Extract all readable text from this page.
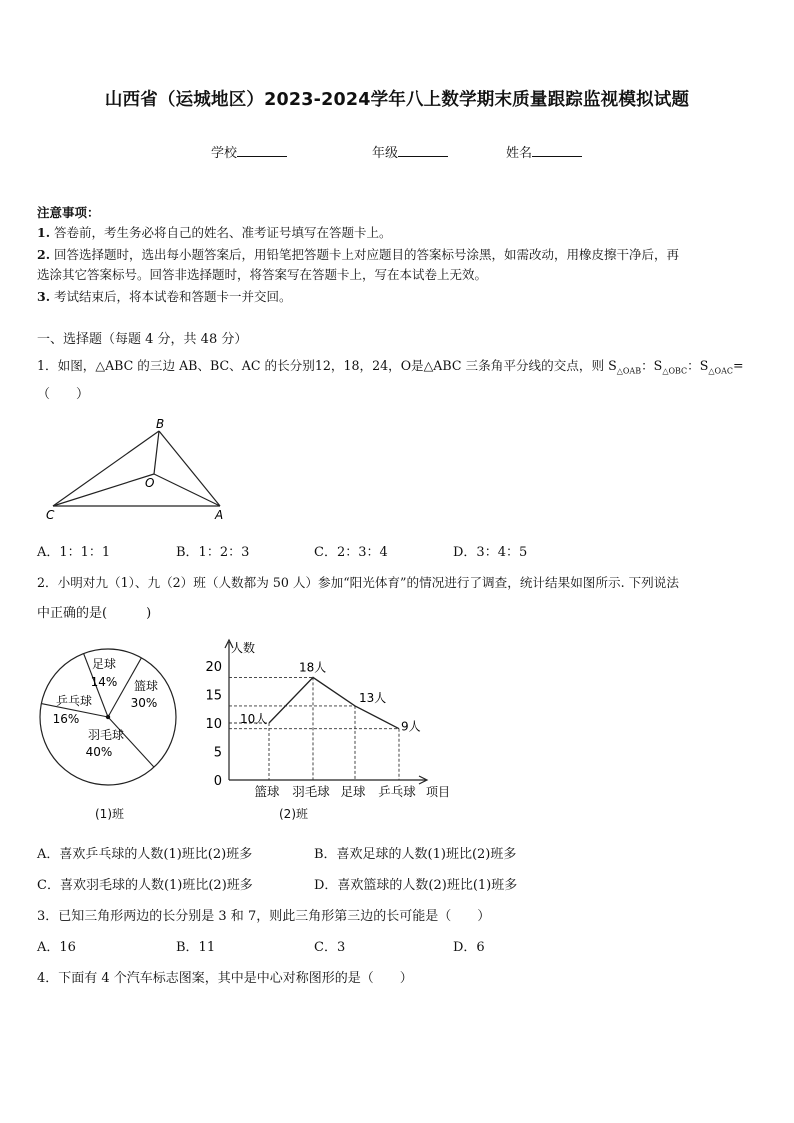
山西省（运城地区）2023-2024学年八上数学期末质量跟踪监视模拟试题
学校	年级	姓名
注意事项：
1. 答卷前，考生务必将自己的姓名、准考证号填写在答题卡上。
2. 回答选择题时，选出每小题答案后，用铅笔把答题卡上对应题目的答案标号涂黑，如需改动，用橡皮擦干净后，再
选涂其它答案标号。回答非选择题时，将答案写在答题卡上，写在本试卷上无效。
3. 考试结束后，将本试卷和答题卡一并交回。
一、选择题（每题 4 分，共 48 分）
1．如图，△ABC 的三边 AB、BC、AC 的长分别12，18，24，O是△ABC 三条角平分线的交点，则 $S_{\triangle OAB}$：$S_{\triangle OBC}$：$S_{\triangle OAC}=$
（　　）
B
O
C	A
A．1：1：1	B．1：2：3	C．2：3：4	D．3：4：5
2．小明对九（1）、九（2）班（人数都为 50 人）参加“阳光体育”的情况进行了调查，统计结果如图所示. 下列说法
中正确的是(　　　)
足球
14% 篮球
30%
羽毛球
40%
乒乓球
16%
(1)班
人数
项目
0
5
10
15
20
10人
18人
13人
9人
篮球 羽毛球 足球 乒乓球
(2)班
A．喜欢乒乓球的人数(1)班比(2)班多	B．喜欢足球的人数(1)班比(2)班多
C．喜欢羽毛球的人数(1)班比(2)班多	D．喜欢篮球的人数(2)班比(1)班多
3．已知三角形两边的长分别是 3 和 7，则此三角形第三边的长可能是（　　）
A．16	B．11	C．3	D．6
4．下面有 4 个汽车标志图案，其中是中心对称图形的是（　　）
